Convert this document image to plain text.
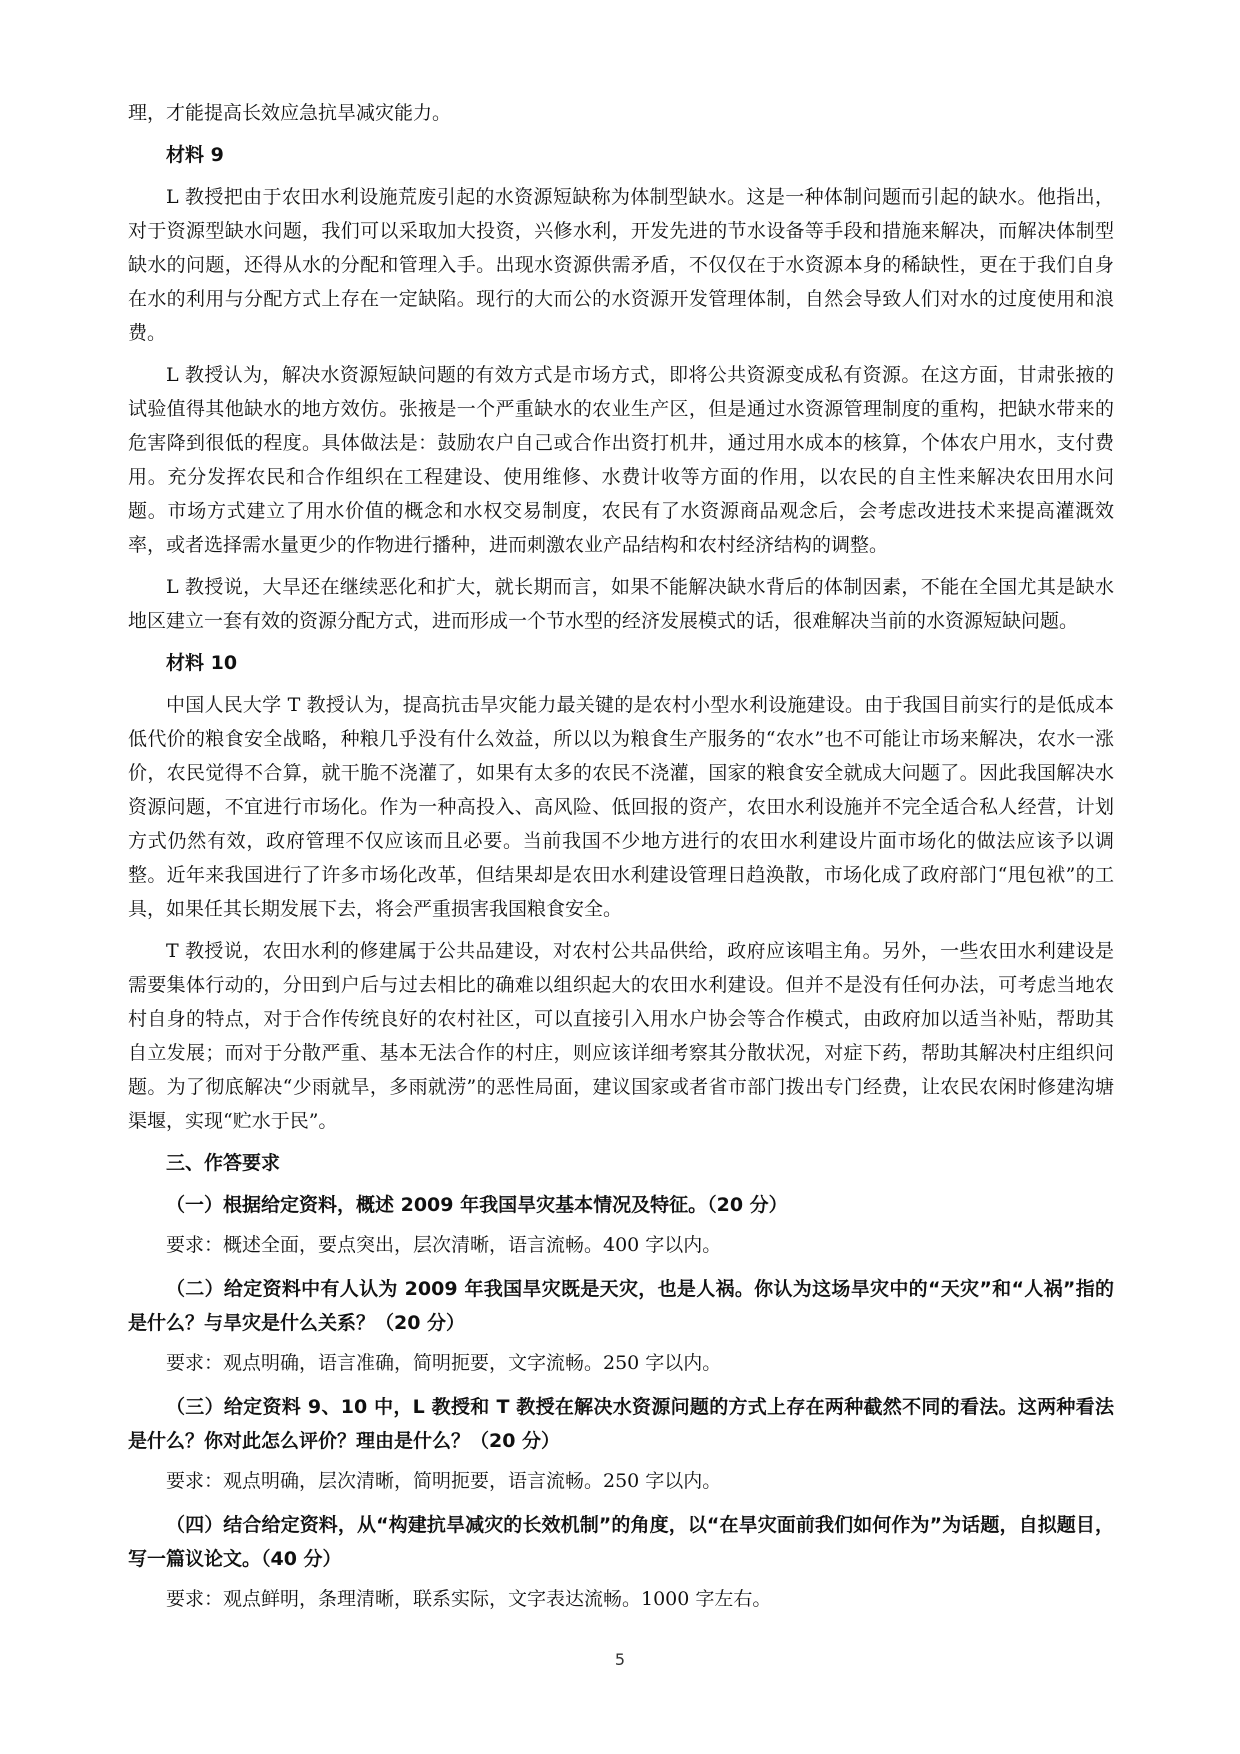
理，才能提高长效应急抗旱减灾能力。

材料 9

L 教授把由于农田水利设施荒废引起的水资源短缺称为体制型缺水。这是一种体制问题而引起的缺水。他指出，对于资源型缺水问题，我们可以采取加大投资，兴修水利，开发先进的节水设备等手段和措施来解决，而解决体制型缺水的问题，还得从水的分配和管理入手。出现水资源供需矛盾，不仅仅在于水资源本身的稀缺性，更在于我们自身在水的利用与分配方式上存在一定缺陷。现行的大而公的水资源开发管理体制，自然会导致人们对水的过度使用和浪费。

L 教授认为，解决水资源短缺问题的有效方式是市场方式，即将公共资源变成私有资源。在这方面，甘肃张掖的试验值得其他缺水的地方效仿。张掖是一个严重缺水的农业生产区，但是通过水资源管理制度的重构，把缺水带来的危害降到很低的程度。具体做法是：鼓励农户自己或合作出资打机井，通过用水成本的核算，个体农户用水，支付费用。充分发挥农民和合作组织在工程建设、使用维修、水费计收等方面的作用，以农民的自主性来解决农田用水问题。市场方式建立了用水价值的概念和水权交易制度，农民有了水资源商品观念后，会考虑改进技术来提高灌溉效率，或者选择需水量更少的作物进行播种，进而刺激农业产品结构和农村经济结构的调整。

L 教授说，大旱还在继续恶化和扩大，就长期而言，如果不能解决缺水背后的体制因素，不能在全国尤其是缺水地区建立一套有效的资源分配方式，进而形成一个节水型的经济发展模式的话，很难解决当前的水资源短缺问题。

材料 10

中国人民大学 T 教授认为，提高抗击旱灾能力最关键的是农村小型水利设施建设。由于我国目前实行的是低成本低代价的粮食安全战略，种粮几乎没有什么效益，所以以为粮食生产服务的“农水”也不可能让市场来解决，农水一涨价，农民觉得不合算，就干脆不浇灌了，如果有太多的农民不浇灌，国家的粮食安全就成大问题了。因此我国解决水资源问题，不宜进行市场化。作为一种高投入、高风险、低回报的资产，农田水利设施并不完全适合私人经营，计划方式仍然有效，政府管理不仅应该而且必要。当前我国不少地方进行的农田水利建设片面市场化的做法应该予以调整。近年来我国进行了许多市场化改革，但结果却是农田水利建设管理日趋涣散，市场化成了政府部门“甩包袱”的工具，如果任其长期发展下去，将会严重损害我国粮食安全。

T 教授说，农田水利的修建属于公共品建设，对农村公共品供给，政府应该唱主角。另外，一些农田水利建设是需要集体行动的，分田到户后与过去相比的确难以组织起大的农田水利建设。但并不是没有任何办法，可考虑当地农村自身的特点，对于合作传统良好的农村社区，可以直接引入用水户协会等合作模式，由政府加以适当补贴，帮助其自立发展；而对于分散严重、基本无法合作的村庄，则应该详细考察其分散状况，对症下药，帮助其解决村庄组织问题。为了彻底解决“少雨就旱，多雨就涝”的恶性局面，建议国家或者省市部门拨出专门经费，让农民农闲时修建沟塘渠堰，实现“贮水于民”。

三、作答要求

（一）根据给定资料，概述 2009 年我国旱灾基本情况及特征。（20 分）

要求：概述全面，要点突出，层次清晰，语言流畅。400 字以内。

（二）给定资料中有人认为 2009 年我国旱灾既是天灾，也是人祸。你认为这场旱灾中的“天灾”和“人祸”指的是什么？与旱灾是什么关系？（20 分）

要求：观点明确，语言准确，简明扼要，文字流畅。250 字以内。

（三）给定资料 9、10 中，L 教授和 T 教授在解决水资源问题的方式上存在两种截然不同的看法。这两种看法是什么？你对此怎么评价？理由是什么？（20 分）

要求：观点明确，层次清晰，简明扼要，语言流畅。250 字以内。

（四）结合给定资料，从“构建抗旱减灾的长效机制”的角度，以“在旱灾面前我们如何作为”为话题，自拟题目，写一篇议论文。（40 分）

要求：观点鲜明，条理清晰，联系实际，文字表达流畅。1000 字左右。

5
